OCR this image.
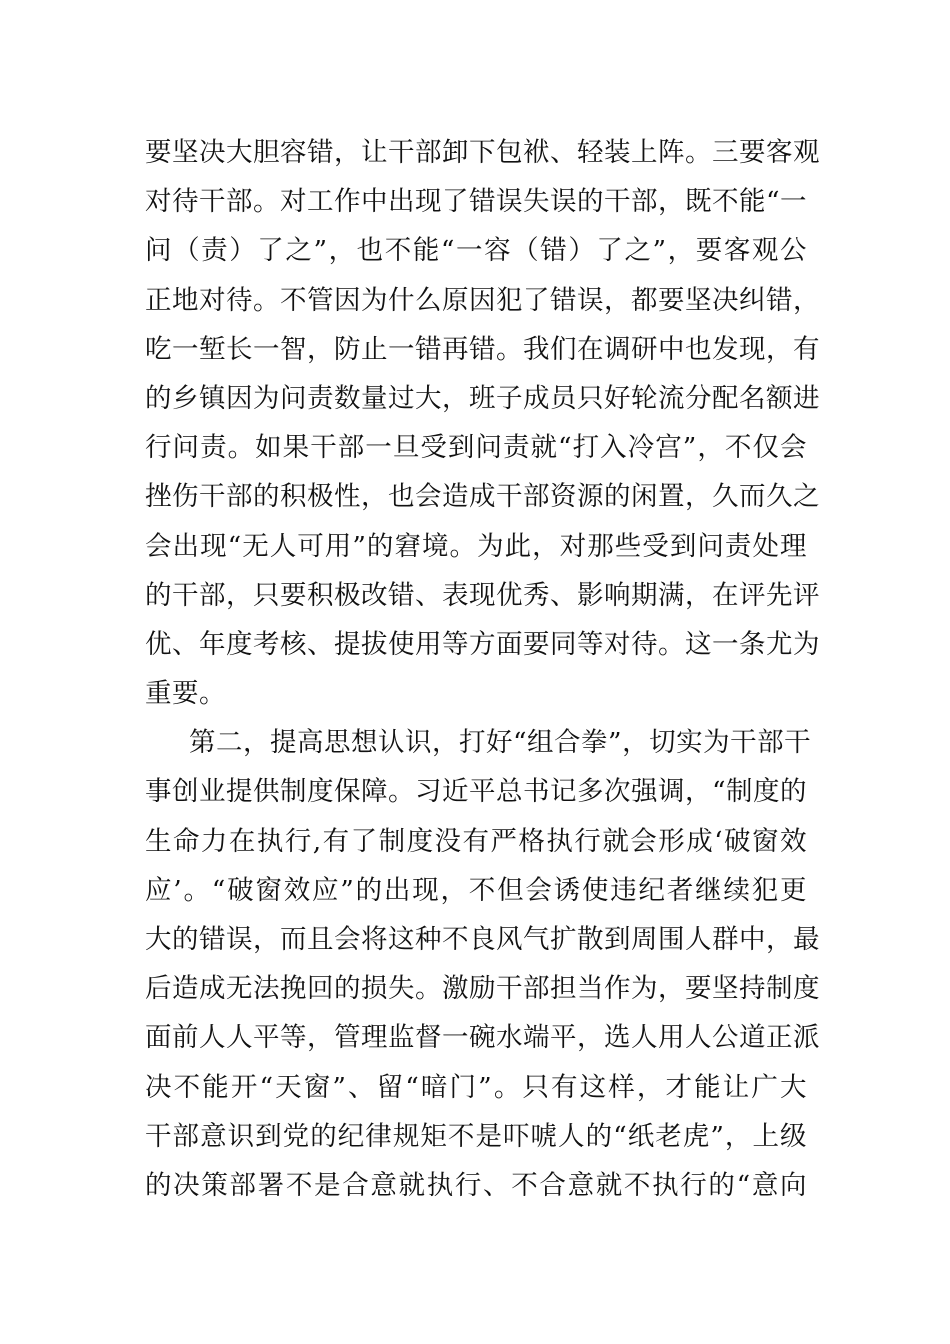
要坚决大胆容错，让干部卸下包袱、轻装上阵。三要客观
对待干部。对工作中出现了错误失误的干部，既不能“一
问（责）了之”，也不能“一容（错）了之”，要客观公
正地对待。不管因为什么原因犯了错误，都要坚决纠错，
吃一堑长一智，防止一错再错。我们在调研中也发现，有
的乡镇因为问责数量过大，班子成员只好轮流分配名额进
行问责。如果干部一旦受到问责就“打入冷宫”，不仅会
挫伤干部的积极性，也会造成干部资源的闲置，久而久之
会出现“无人可用”的窘境。为此，对那些受到问责处理
的干部，只要积极改错、表现优秀、影响期满，在评先评
优、年度考核、提拔使用等方面要同等对待。这一条尤为
重要。
第二，提高思想认识，打好“组合拳”，切实为干部干
事创业提供制度保障。习近平总书记多次强调，“制度的
生命力在执行,有了制度没有严格执行就会形成‘破窗效
应’。“破窗效应”的出现，不但会诱使违纪者继续犯更
大的错误，而且会将这种不良风气扩散到周围人群中，最
后造成无法挽回的损失。激励干部担当作为，要坚持制度
面前人人平等，管理监督一碗水端平，选人用人公道正派
决不能开“天窗”、留“暗门”。只有这样，才能让广大
干部意识到党的纪律规矩不是吓唬人的“纸老虎”，上级
的决策部署不是合意就执行、不合意就不执行的“意向
